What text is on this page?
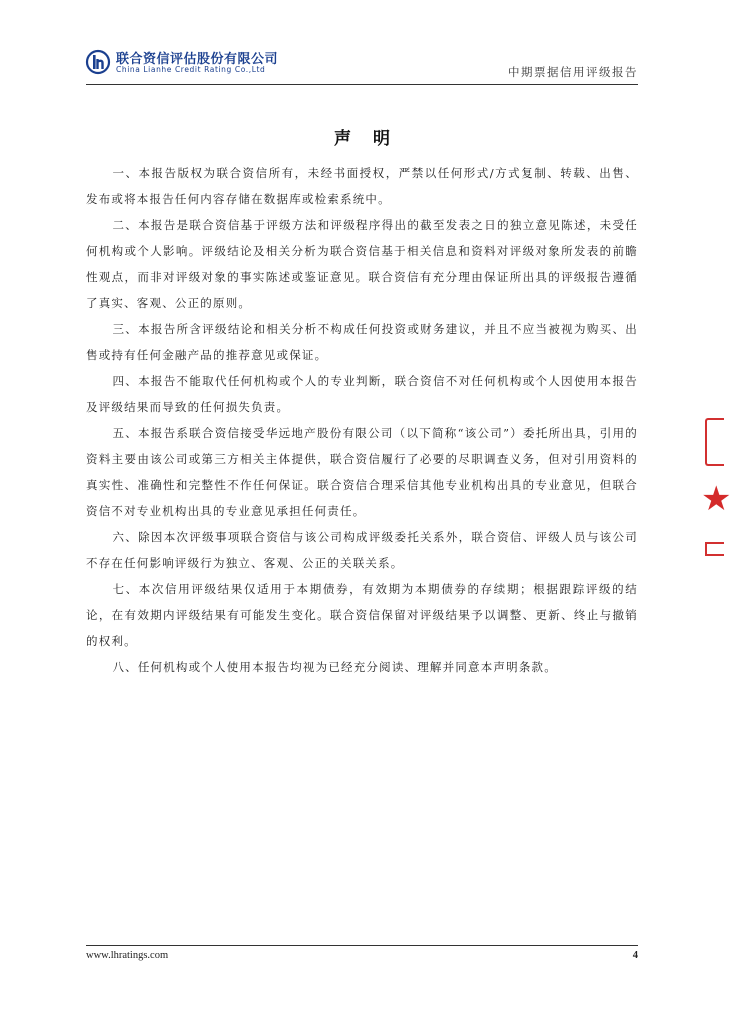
联合资信评估股份有限公司
China Lianhe Credit Rating Co.,Ltd	中期票据信用评级报告
声明

一、本报告版权为联合资信所有，未经书面授权，严禁以任何形式/方式复制、转载、出售、发布或将本报告任何内容存储在数据库或检索系统中。

二、本报告是联合资信基于评级方法和评级程序得出的截至发表之日的独立意见陈述，未受任何机构或个人影响。评级结论及相关分析为联合资信基于相关信息和资料对评级对象所发表的前瞻性观点，而非对评级对象的事实陈述或鉴证意见。联合资信有充分理由保证所出具的评级报告遵循了真实、客观、公正的原则。

三、本报告所含评级结论和相关分析不构成任何投资或财务建议，并且不应当被视为购买、出售或持有任何金融产品的推荐意见或保证。

四、本报告不能取代任何机构或个人的专业判断，联合资信不对任何机构或个人因使用本报告及评级结果而导致的任何损失负责。

五、本报告系联合资信接受华远地产股份有限公司（以下简称“该公司”）委托所出具，引用的资料主要由该公司或第三方相关主体提供，联合资信履行了必要的尽职调查义务，但对引用资料的真实性、准确性和完整性不作任何保证。联合资信合理采信其他专业机构出具的专业意见，但联合资信不对专业机构出具的专业意见承担任何责任。

六、除因本次评级事项联合资信与该公司构成评级委托关系外，联合资信、评级人员与该公司不存在任何影响评级行为独立、客观、公正的关联关系。

七、本次信用评级结果仅适用于本期债券，有效期为本期债券的存续期；根据跟踪评级的结论，在有效期内评级结果有可能发生变化。联合资信保留对评级结果予以调整、更新、终止与撤销的权利。

八、任何机构或个人使用本报告均视为已经充分阅读、理解并同意本声明条款。

★
www.lhratings.com	4
